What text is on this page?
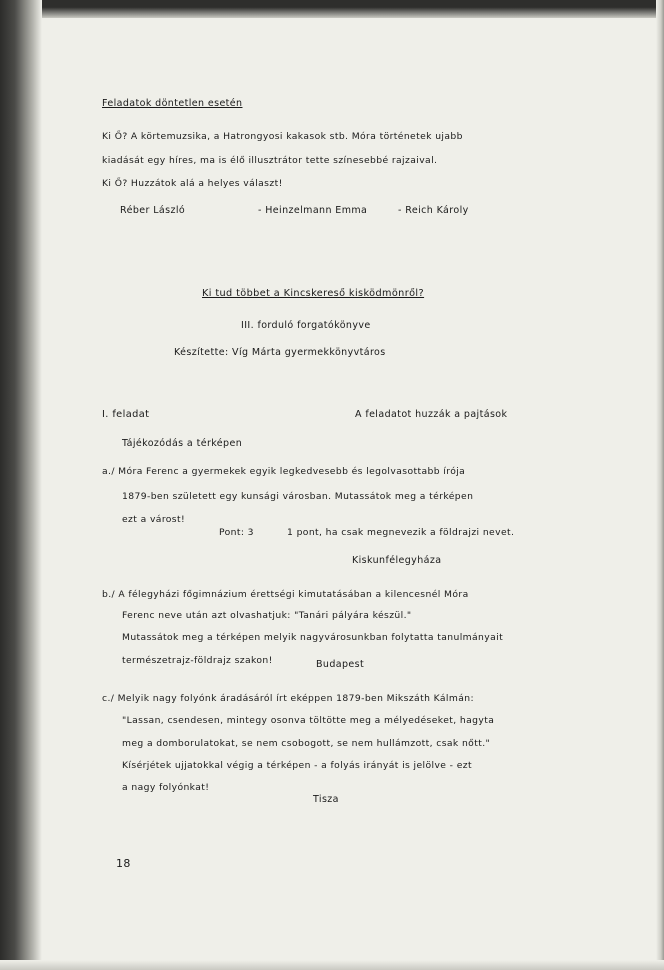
Feladatok döntetlen esetén
Ki Ő? A körtemuzsika, a Hatrongyosi kakasok stb. Móra történetek ujabb
kiadását egy híres, ma is élő illusztrátor tette színesebbé rajzaival.
Ki Ő? Huzzátok alá a helyes választ!
Réber László	- Heinzelmann Emma	- Reich Károly
Ki tud többet a Kincskereső kisködmönről?
III. forduló forgatókönyve
Készítette: Víg Márta gyermekkönyvtáros
I. feladat	A feladatot huzzák a pajtások
Tájékozódás a térképen
a./ Móra Ferenc a gyermekek egyik legkedvesebb és legolvasottabb írója
1879-ben született egy kunsági városban. Mutassátok meg a térképen
ezt a várost!
Pont: 3	1 pont, ha csak megnevezik a földrajzi nevet.
Kiskunfélegyháza
b./ A félegyházi főgimnázium érettségi kimutatásában a kilencesnél Móra
Ferenc neve után azt olvashatjuk: "Tanári pályára készül."
Mutassátok meg a térképen melyik nagyvárosunkban folytatta tanulmányait
természetrajz-földrajz szakon!	Budapest
c./ Melyik nagy folyónk áradásáról írt eképpen 1879-ben Mikszáth Kálmán:
"Lassan, csendesen, mintegy osonva töltötte meg a mélyedéseket, hagyta
meg a domborulatokat, se nem csobogott, se nem hullámzott, csak nőtt."
Kísérjétek ujjatokkal végig a térképen - a folyás irányát is jelölve - ezt
a nagy folyónkat!
Tisza
18
